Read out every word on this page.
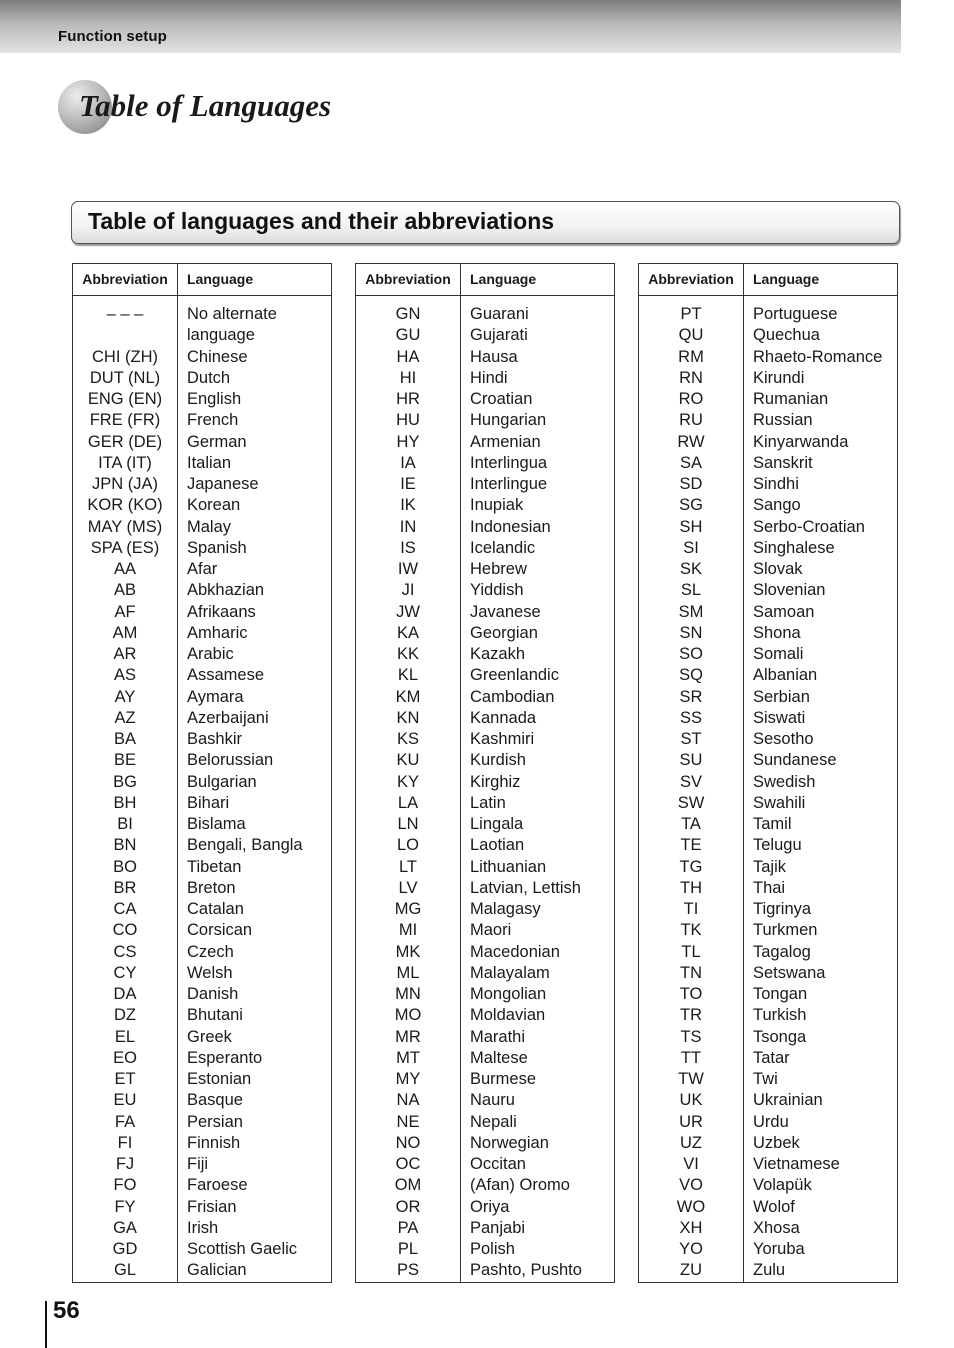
Function setup
Table of Languages
Table of languages and their abbreviations
Abbreviation	Language
– – –	No alternate
language
CHI (ZH)	Chinese
DUT (NL)	Dutch
ENG (EN)	English
FRE (FR)	French
GER (DE)	German
ITA (IT)	Italian
JPN (JA)	Japanese
KOR (KO)	Korean
MAY (MS)	Malay
SPA (ES)	Spanish
AA	Afar
AB	Abkhazian
AF	Afrikaans
AM	Amharic
AR	Arabic
AS	Assamese
AY	Aymara
AZ	Azerbaijani
BA	Bashkir
BE	Belorussian
BG	Bulgarian
BH	Bihari
BI	Bislama
BN	Bengali, Bangla
BO	Tibetan
BR	Breton
CA	Catalan
CO	Corsican
CS	Czech
CY	Welsh
DA	Danish
DZ	Bhutani
EL	Greek
EO	Esperanto
ET	Estonian
EU	Basque
FA	Persian
FI	Finnish
FJ	Fiji
FO	Faroese
FY	Frisian
GA	Irish
GD	Scottish Gaelic
GL	Galician
Abbreviation	Language
GN	Guarani
GU	Gujarati
HA	Hausa
HI	Hindi
HR	Croatian
HU	Hungarian
HY	Armenian
IA	Interlingua
IE	Interlingue
IK	Inupiak
IN	Indonesian
IS	Icelandic
IW	Hebrew
JI	Yiddish
JW	Javanese
KA	Georgian
KK	Kazakh
KL	Greenlandic
KM	Cambodian
KN	Kannada
KS	Kashmiri
KU	Kurdish
KY	Kirghiz
LA	Latin
LN	Lingala
LO	Laotian
LT	Lithuanian
LV	Latvian, Lettish
MG	Malagasy
MI	Maori
MK	Macedonian
ML	Malayalam
MN	Mongolian
MO	Moldavian
MR	Marathi
MT	Maltese
MY	Burmese
NA	Nauru
NE	Nepali
NO	Norwegian
OC	Occitan
OM	(Afan) Oromo
OR	Oriya
PA	Panjabi
PL	Polish
PS	Pashto, Pushto
Abbreviation	Language
PT	Portuguese
QU	Quechua
RM	Rhaeto-Romance
RN	Kirundi
RO	Rumanian
RU	Russian
RW	Kinyarwanda
SA	Sanskrit
SD	Sindhi
SG	Sango
SH	Serbo-Croatian
SI	Singhalese
SK	Slovak
SL	Slovenian
SM	Samoan
SN	Shona
SO	Somali
SQ	Albanian
SR	Serbian
SS	Siswati
ST	Sesotho
SU	Sundanese
SV	Swedish
SW	Swahili
TA	Tamil
TE	Telugu
TG	Tajik
TH	Thai
TI	Tigrinya
TK	Turkmen
TL	Tagalog
TN	Setswana
TO	Tongan
TR	Turkish
TS	Tsonga
TT	Tatar
TW	Twi
UK	Ukrainian
UR	Urdu
UZ	Uzbek
VI	Vietnamese
VO	Volapük
WO	Wolof
XH	Xhosa
YO	Yoruba
ZU	Zulu
56
